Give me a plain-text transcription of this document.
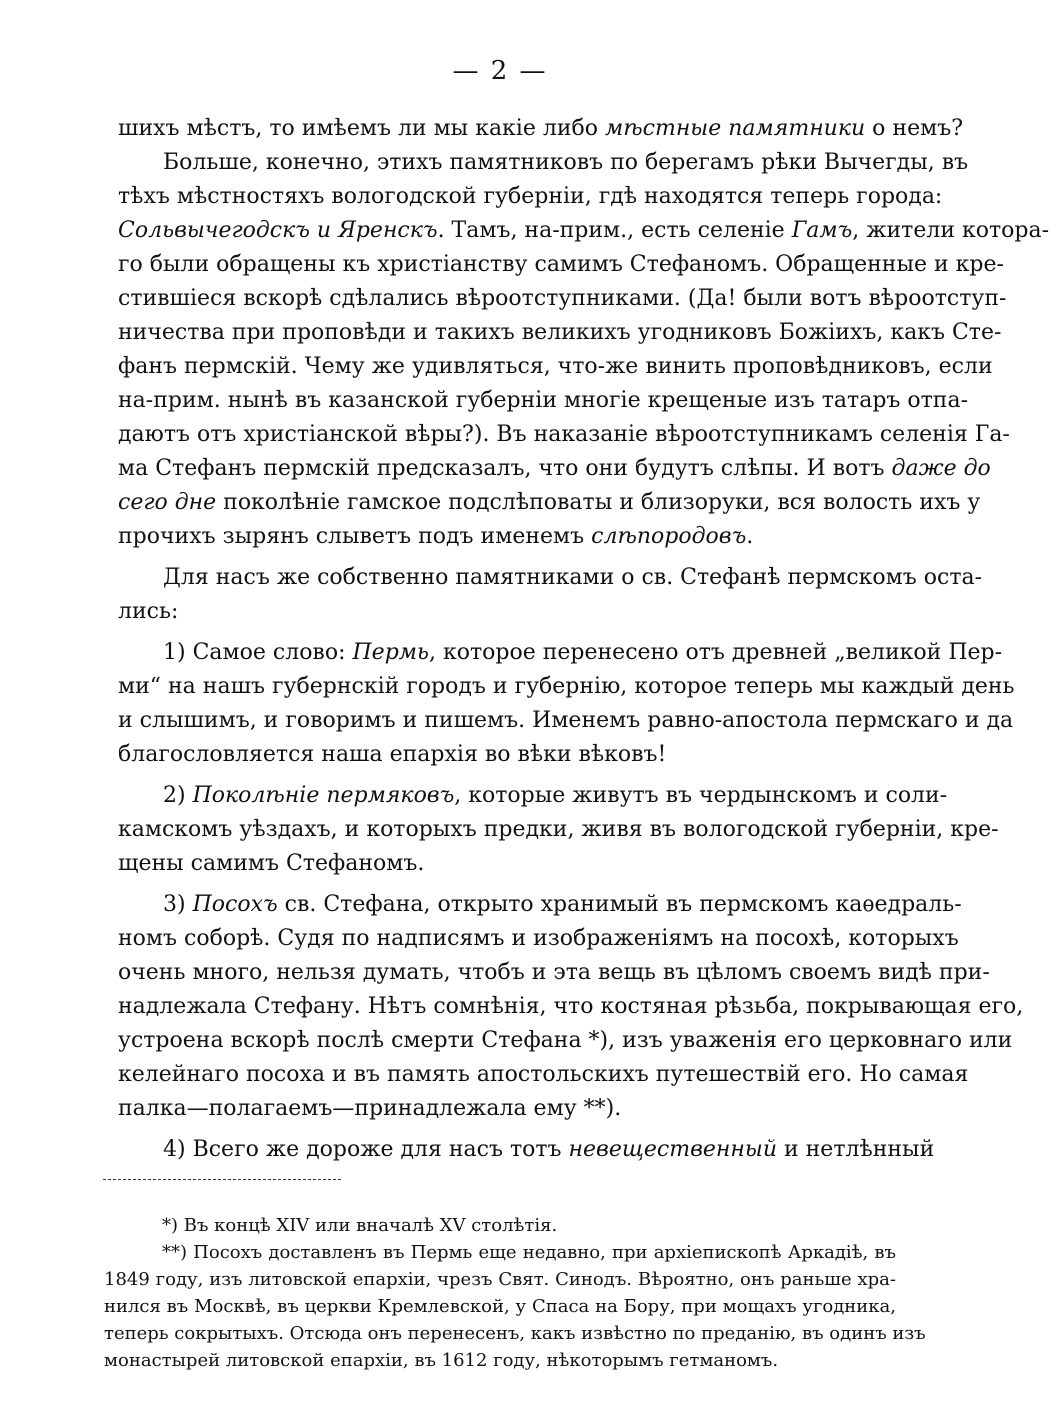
— 2 —
шихъ мѣстъ, то имѣемъ ли мы какіе либо мѣстные памятники о немъ?
Больше, конечно, этихъ памятниковъ по берегамъ рѣки Вычегды, въ
тѣхъ мѣстностяхъ вологодской губерніи, гдѣ находятся теперь города:
Сольвычегодскъ и Яренскъ. Тамъ, на-прим., есть селеніе Гамъ, жители котора-
го были обращены къ христіанству самимъ Стефаномъ. Обращенные и кре-
стившіеся вскорѣ сдѣлались вѣроотступниками. (Да! были вотъ вѣроотступ-
ничества при проповѣди и такихъ великихъ угодниковъ Божіихъ, какъ Сте-
фанъ пермскій. Чему же удивляться, что-же винить проповѣдниковъ, если
на-прим. нынѣ въ казанской губерніи многіе крещеные изъ татаръ отпа-
даютъ отъ христіанской вѣры?). Въ наказаніе вѣроотступникамъ селенія Га-
ма Стефанъ пермскій предсказалъ, что они будутъ слѣпы. И вотъ даже до
сего дне поколѣніе гамское подслѣповаты и близоруки, вся волость ихъ у
прочихъ зырянъ слыветъ подъ именемъ слѣпородовъ.
Для насъ же собственно памятниками о св. Стефанѣ пермскомъ оста-
лись:
1) Самое слово: Пермь, которое перенесено отъ древней „великой Пер-
ми“ на нашъ губернскій городъ и губернію, которое теперь мы каждый день
и слышимъ, и говоримъ и пишемъ. Именемъ равно-апостола пермскаго и да
благословляется наша епархія во вѣки вѣковъ!
2) Поколѣніе пермяковъ, которые живутъ въ чердынскомъ и соли-
камскомъ уѣздахъ, и которыхъ предки, живя въ вологодской губерніи, кре-
щены самимъ Стефаномъ.
3) Посохъ св. Стефана, открыто хранимый въ пермскомъ каѳедраль-
номъ соборѣ. Судя по надписямъ и изображеніямъ на посохѣ, которыхъ
очень много, нельзя думать, чтобъ и эта вещь въ цѣломъ своемъ видѣ при-
надлежала Стефану. Нѣтъ сомнѣнія, что костяная рѣзьба, покрывающая его,
устроена вскорѣ послѣ смерти Стефана *), изъ уваженія его церковнаго или
келейнаго посоха и въ память апостольскихъ путешествій его. Но самая
палка—полагаемъ—принадлежала ему **).
4) Всего же дороже для насъ тотъ невещественный и нетлѣнный
*) Въ концѣ XIV или вначалѣ XV столѣтія.
**) Посохъ доставленъ въ Пермь еще недавно, при архіепископѣ Аркадіѣ, въ
1849 году, изъ литовской епархіи, чрезъ Свят. Синодъ. Вѣроятно, онъ раньше хра-
нился въ Москвѣ, въ церкви Кремлевской, у Спаса на Бору, при мощахъ угодника,
теперь сокрытыхъ. Отсюда онъ перенесенъ, какъ извѣстно по преданію, въ одинъ изъ
монастырей литовской епархіи, въ 1612 году, нѣкоторымъ гетманомъ.
